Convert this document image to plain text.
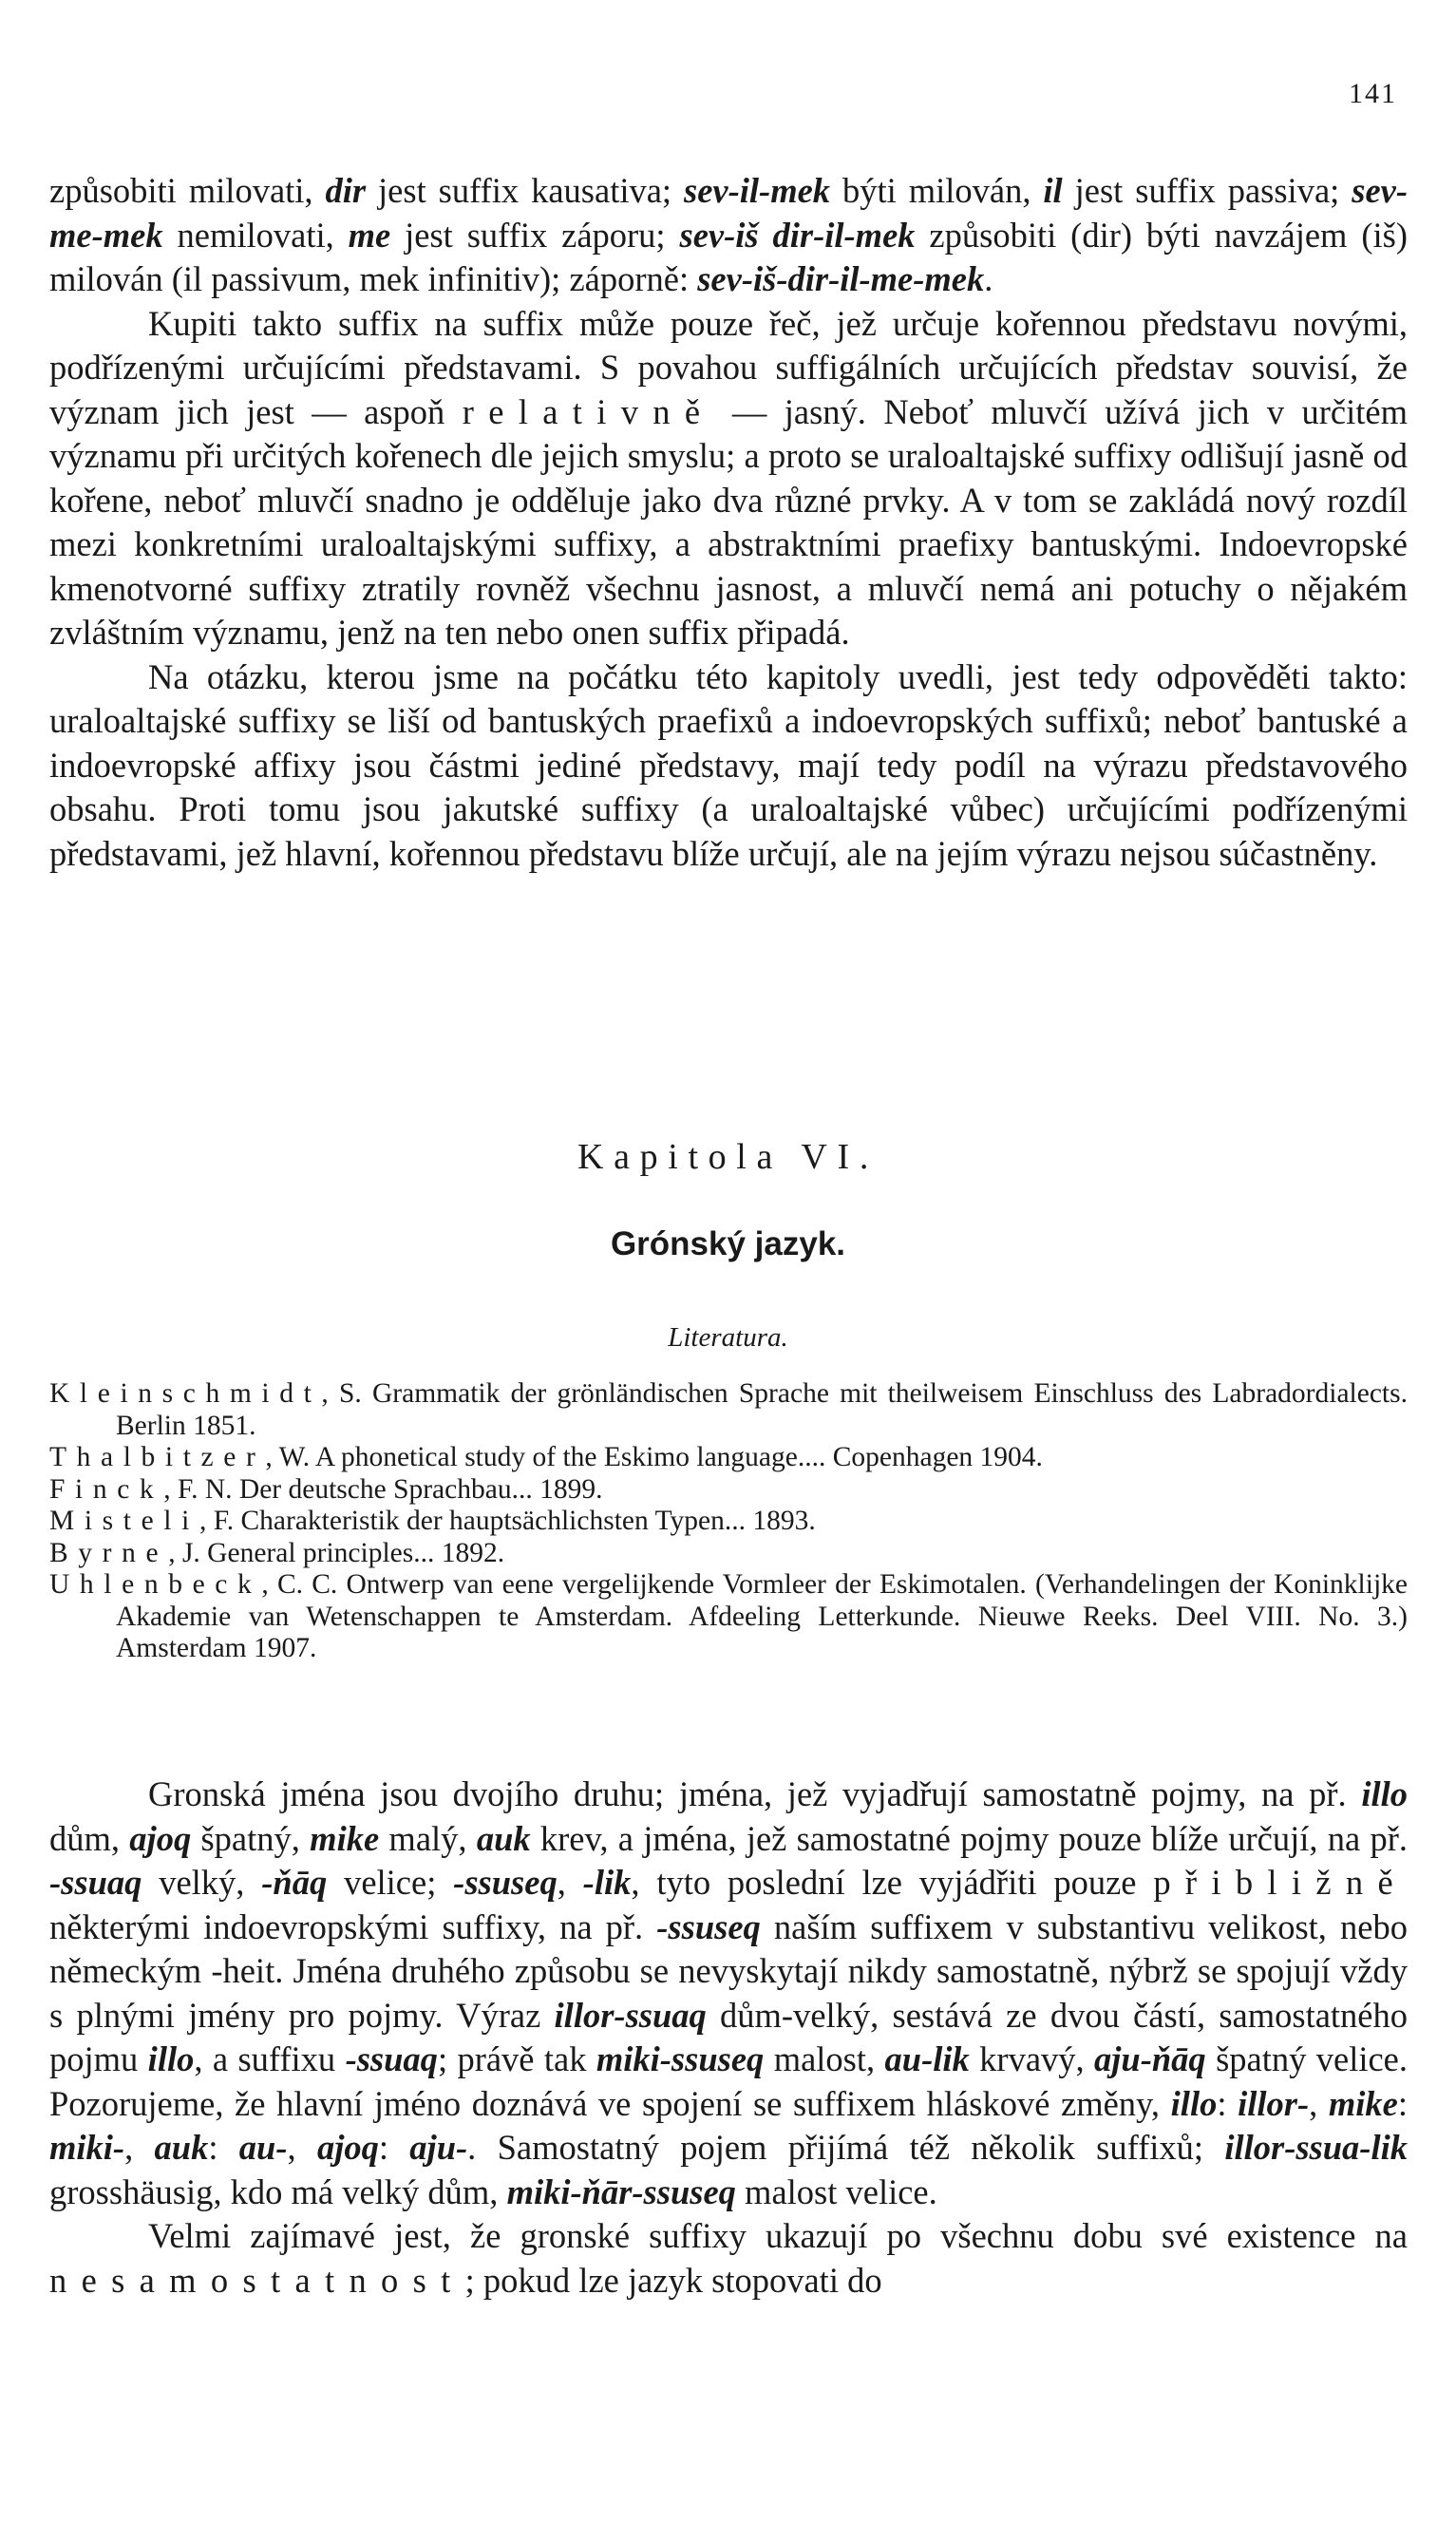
141

způsobiti milovati, dir jest suffix kausativa; sev-il-mek býti milován, il jest suffix passiva; sev-me-mek nemilovati, me jest suffix záporu; sev-iš dir-il-mek způsobiti (dir) býti navzájem (iš) milován (il passivum, mek infinitiv); záporně: sev-iš-dir-il-me-mek.

Kupiti takto suffix na suffix může pouze řeč, jež určuje kořennou představu novými, podřízenými určujícími představami. S povahou suffigálních určujících představ souvisí, že význam jich jest — aspoň relativně — jasný. Neboť mluvčí užívá jich v určitém významu při určitých kořenech dle jejich smyslu; a proto se uraloaltajské suffixy odlišují jasně od kořene, neboť mluvčí snadno je odděluje jako dva různé prvky. A v tom se zakládá nový rozdíl mezi konkretními uraloaltajskými suffixy, a abstraktními praefixy bantuskými. Indoevropské kmenotvorné suffixy ztratily rovněž všechnu jasnost, a mluvčí nemá ani potuchy o nějakém zvláštním významu, jenž na ten nebo onen suffix připadá.

Na otázku, kterou jsme na počátku této kapitoly uvedli, jest tedy odpověděti takto: uraloaltajské suffixy se liší od bantuských praefixů a indoevropských suffixů; neboť bantuské a indoevropské affixy jsou částmi jediné představy, mají tedy podíl na výrazu představového obsahu. Proti tomu jsou jakutské suffixy (a uraloaltajské vůbec) určujícími podřízenými představami, jež hlavní, kořennou představu blíže určují, ale na jejím výrazu nejsou súčastněny.

Kapitola VI.
Grónský jazyk.
Literatura.
Kleinschmidt, S. Grammatik der grönländischen Sprache mit theilweisem Einschluss des Labradordialects. Berlin 1851.
Thalbitzer, W. A phonetical study of the Eskimo language.... Copenhagen 1904.
Finck, F. N. Der deutsche Sprachbau... 1899.
Misteli, F. Charakteristik der hauptsächlichsten Typen... 1893.
Byrne, J. General principles... 1892.
Uhlenbeck, C. C. Ontwerp van eene vergelijkende Vormleer der Eskimotalen. (Verhandelingen der Koninklijke Akademie van Wetenschappen te Amsterdam. Afdeeling Letterkunde. Nieuwe Reeks. Deel VIII. No. 3.) Amsterdam 1907.

Gronská jména jsou dvojího druhu; jména, jež vyjadřují samostatně pojmy, na př. illo dům, ajoq špatný, mike malý, auk krev, a jména, jež samostatné pojmy pouze blíže určují, na př. -ssuaq velký, -ňāq velice; -ssuseq, -lik, tyto poslední lze vyjádřiti pouze přibližně některými indoevropskými suffixy, na př. -ssuseq naším suffixem v substantivu velikost, nebo německým -heit. Jména druhého způsobu se nevyskytají nikdy samostatně, nýbrž se spojují vždy s plnými jmény pro pojmy. Výraz illor-ssuaq dům-velký, sestává ze dvou částí, samostatného pojmu illo, a suffixu -ssuaq; právě tak miki-ssuseq malost, au-lik krvavý, aju-ňāq špatný velice. Pozorujeme, že hlavní jméno doznává ve spojení se suffixem hláskové změny, illo: illor-, mike: miki-, auk: au-, ajoq: aju-. Samostatný pojem přijímá též několik suffixů; illor-ssua-lik grosshäusig, kdo má velký dům, miki-ňār-ssuseq malost velice.

Velmi zajímavé jest, že gronské suffixy ukazují po všechnu dobu své existence na nesamostatnost; pokud lze jazyk stopovati do
